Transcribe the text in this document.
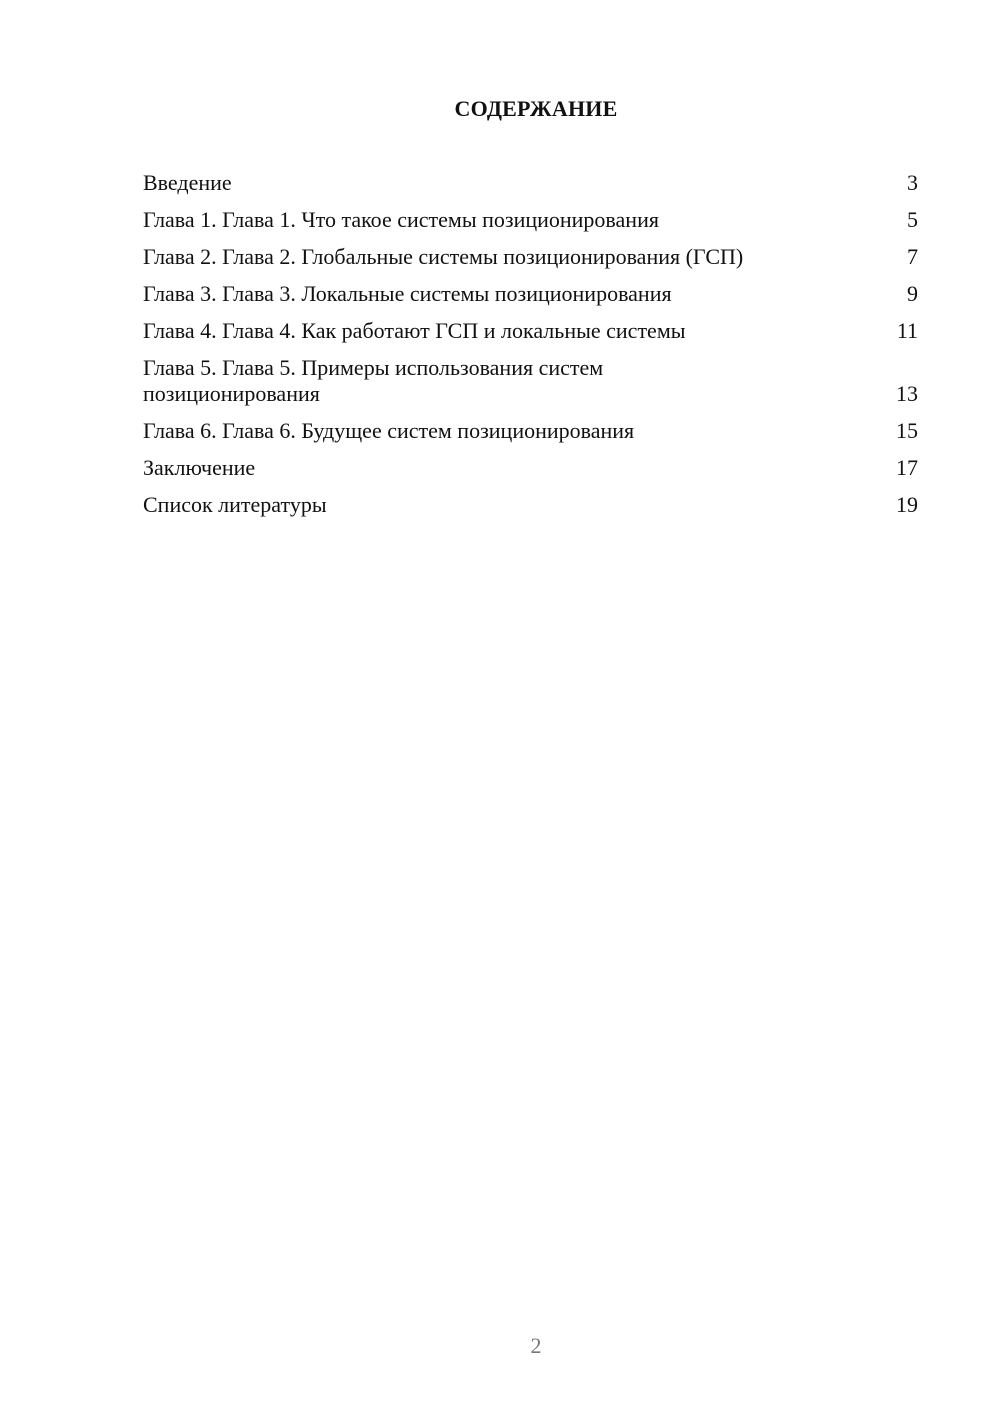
СОДЕРЖАНИЕ
Введение	3
Глава 1. Глава 1. Что такое системы позиционирования	5
Глава 2. Глава 2. Глобальные системы позиционирования (ГСП)	7
Глава 3. Глава 3. Локальные системы позиционирования	9
Глава 4. Глава 4. Как работают ГСП и локальные системы	11
Глава 5. Глава 5. Примеры использования систем позиционирования	13
Глава 6. Глава 6. Будущее систем позиционирования	15
Заключение	17
Список литературы	19
2
